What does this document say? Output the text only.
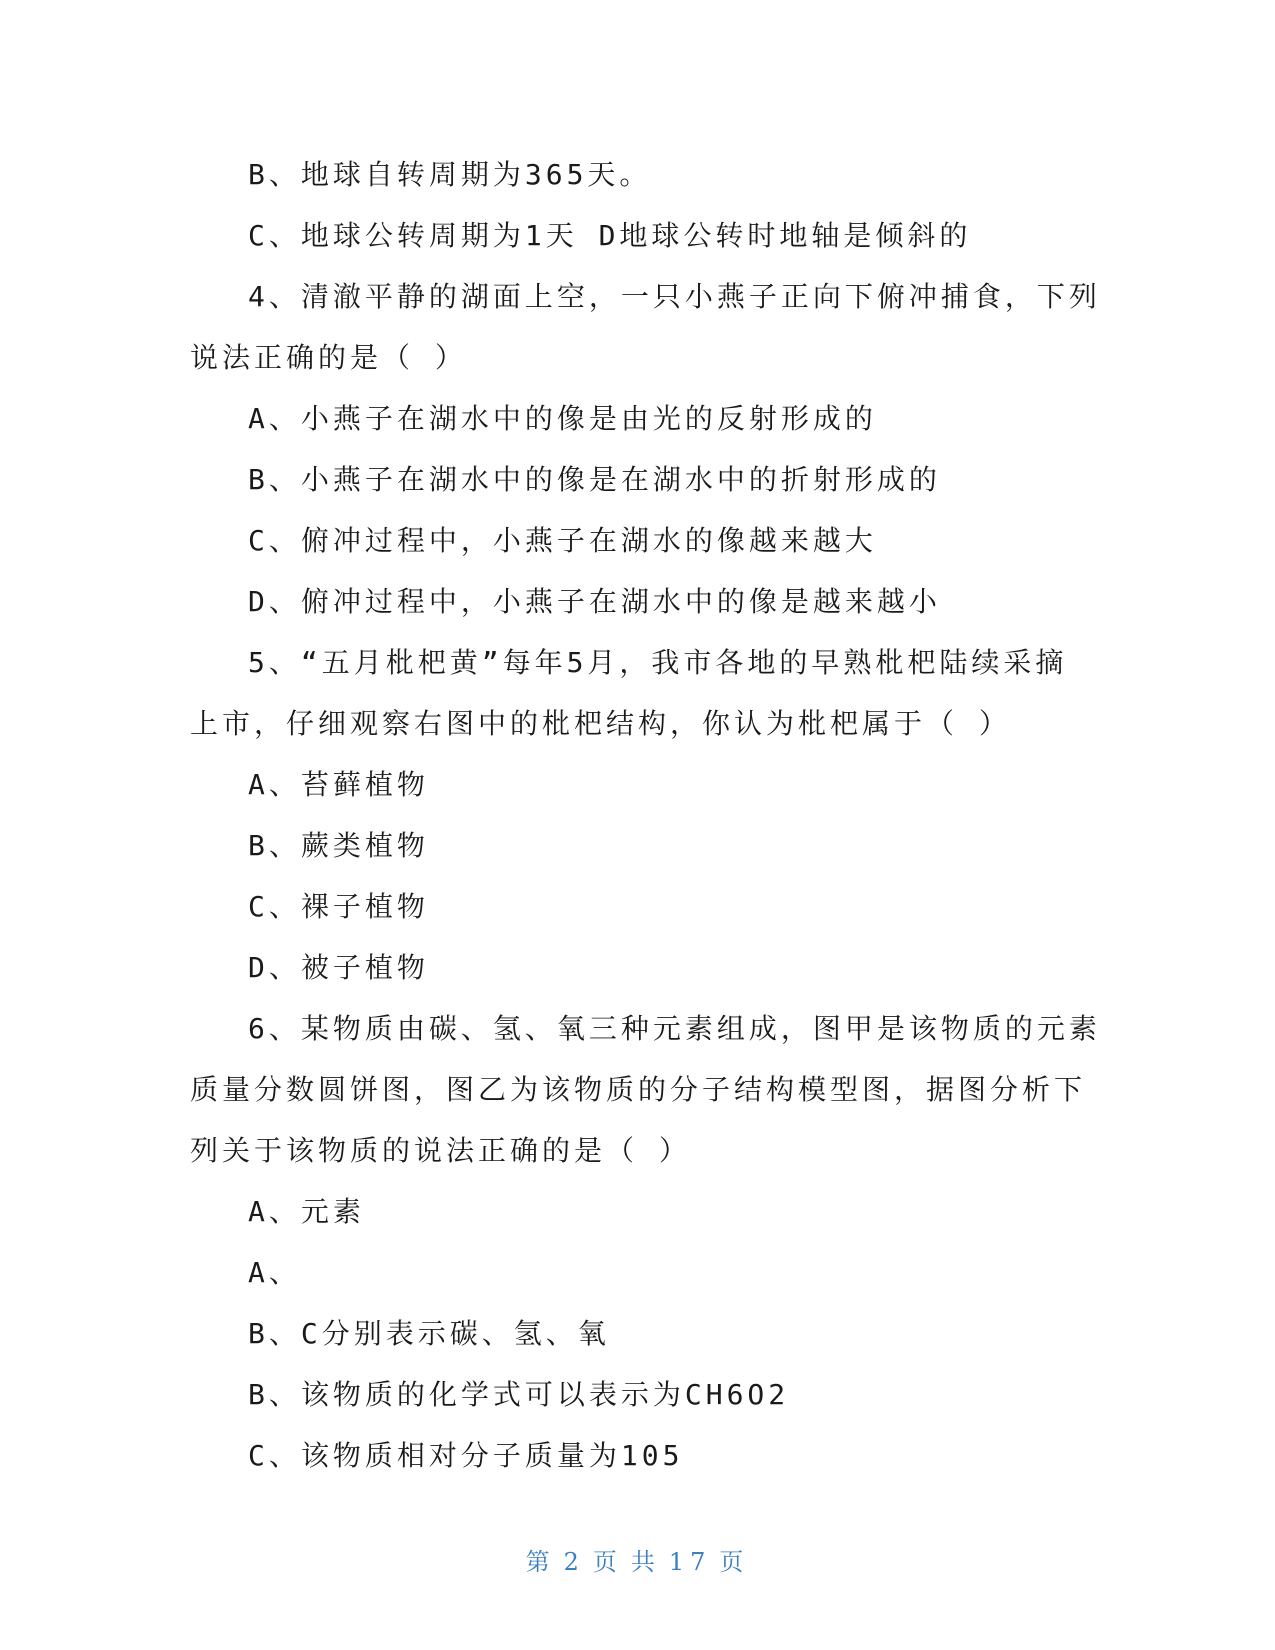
B、地球自转周期为365天。
C、地球公转周期为1天 D地球公转时地轴是倾斜的
4、清澈平静的湖面上空，一只小燕子正向下俯冲捕食，下列
说法正确的是（ ）
A、小燕子在湖水中的像是由光的反射形成的
B、小燕子在湖水中的像是在湖水中的折射形成的
C、俯冲过程中，小燕子在湖水的像越来越大
D、俯冲过程中，小燕子在湖水中的像是越来越小
5、“五月枇杷黄”每年5月，我市各地的早熟枇杷陆续采摘
上市，仔细观察右图中的枇杷结构，你认为枇杷属于（ ）
A、苔藓植物
B、蕨类植物
C、裸子植物
D、被子植物
6、某物质由碳、氢、氧三种元素组成，图甲是该物质的元素
质量分数圆饼图，图乙为该物质的分子结构模型图，据图分析下
列关于该物质的说法正确的是（ ）
A、元素
A、
B、C分别表示碳、氢、氧
B、该物质的化学式可以表示为CH6O2
C、该物质相对分子质量为105
第 2 页 共 17 页
